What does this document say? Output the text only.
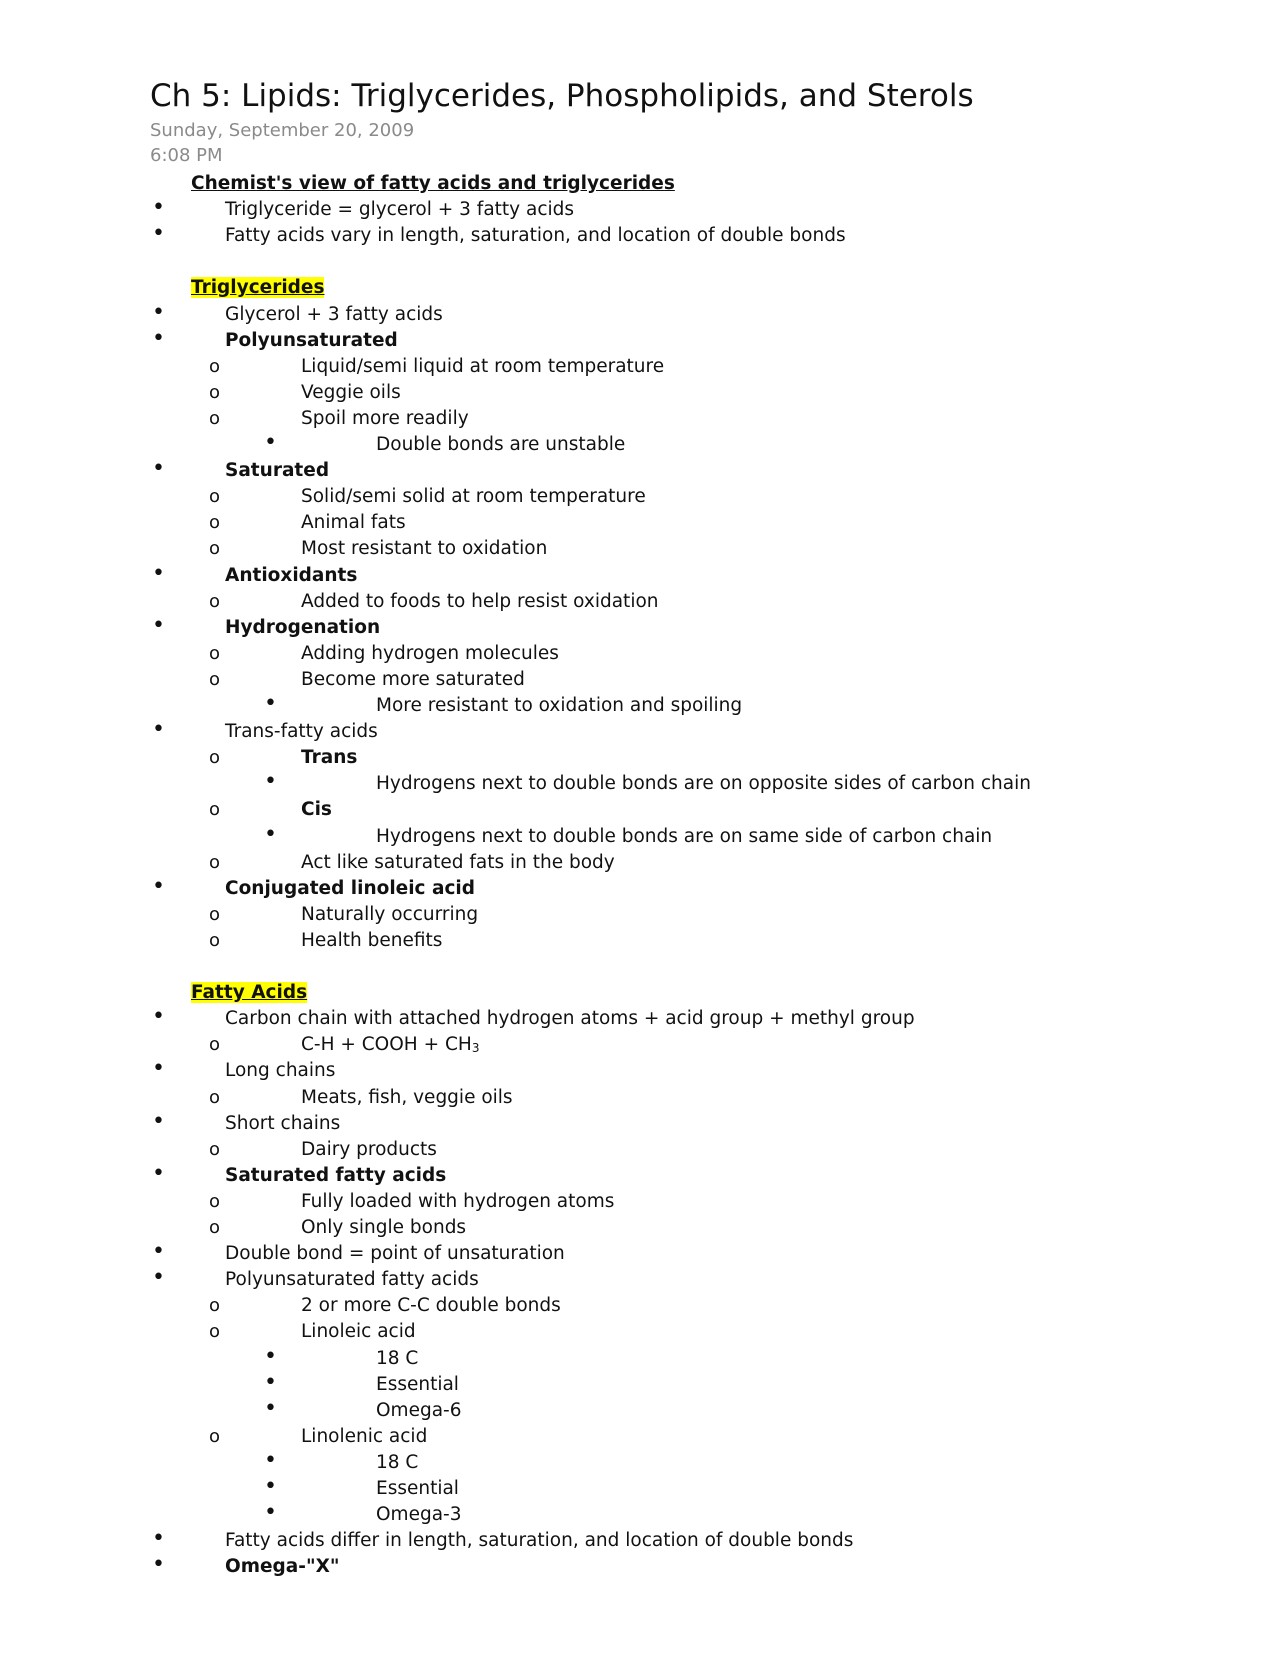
Ch 5: Lipids: Triglycerides, Phospholipids, and Sterols
Sunday, September 20, 2009
6:08 PM
Chemist's view of fatty acids and triglycerides
•	Triglyceride = glycerol + 3 fatty acids
•	Fatty acids vary in length, saturation, and location of double bonds
Triglycerides
•	Glycerol + 3 fatty acids
•	Polyunsaturated
o	Liquid/semi liquid at room temperature
o	Veggie oils
o	Spoil more readily
•	Double bonds are unstable
•	Saturated
o	Solid/semi solid at room temperature
o	Animal fats
o	Most resistant to oxidation
•	Antioxidants
o	Added to foods to help resist oxidation
•	Hydrogenation
o	Adding hydrogen molecules
o	Become more saturated
•	More resistant to oxidation and spoiling
•	Trans-fatty acids
o	Trans
•	Hydrogens next to double bonds are on opposite sides of carbon chain
o	Cis
•	Hydrogens next to double bonds are on same side of carbon chain
o	Act like saturated fats in the body
•	Conjugated linoleic acid
o	Naturally occurring
o	Health benefits
Fatty Acids
•	Carbon chain with attached hydrogen atoms + acid group + methyl group
o	C-H + COOH + $CH_3$
•	Long chains
o	Meats, fish, veggie oils
•	Short chains
o	Dairy products
•	Saturated fatty acids
o	Fully loaded with hydrogen atoms
o	Only single bonds
•	Double bond = point of unsaturation
•	Polyunsaturated fatty acids
o	2 or more C-C double bonds
o	Linoleic acid
•	18 C
•	Essential
•	Omega-6
o	Linolenic acid
•	18 C
•	Essential
•	Omega-3
•	Fatty acids differ in length, saturation, and location of double bonds
•	Omega-"X"
